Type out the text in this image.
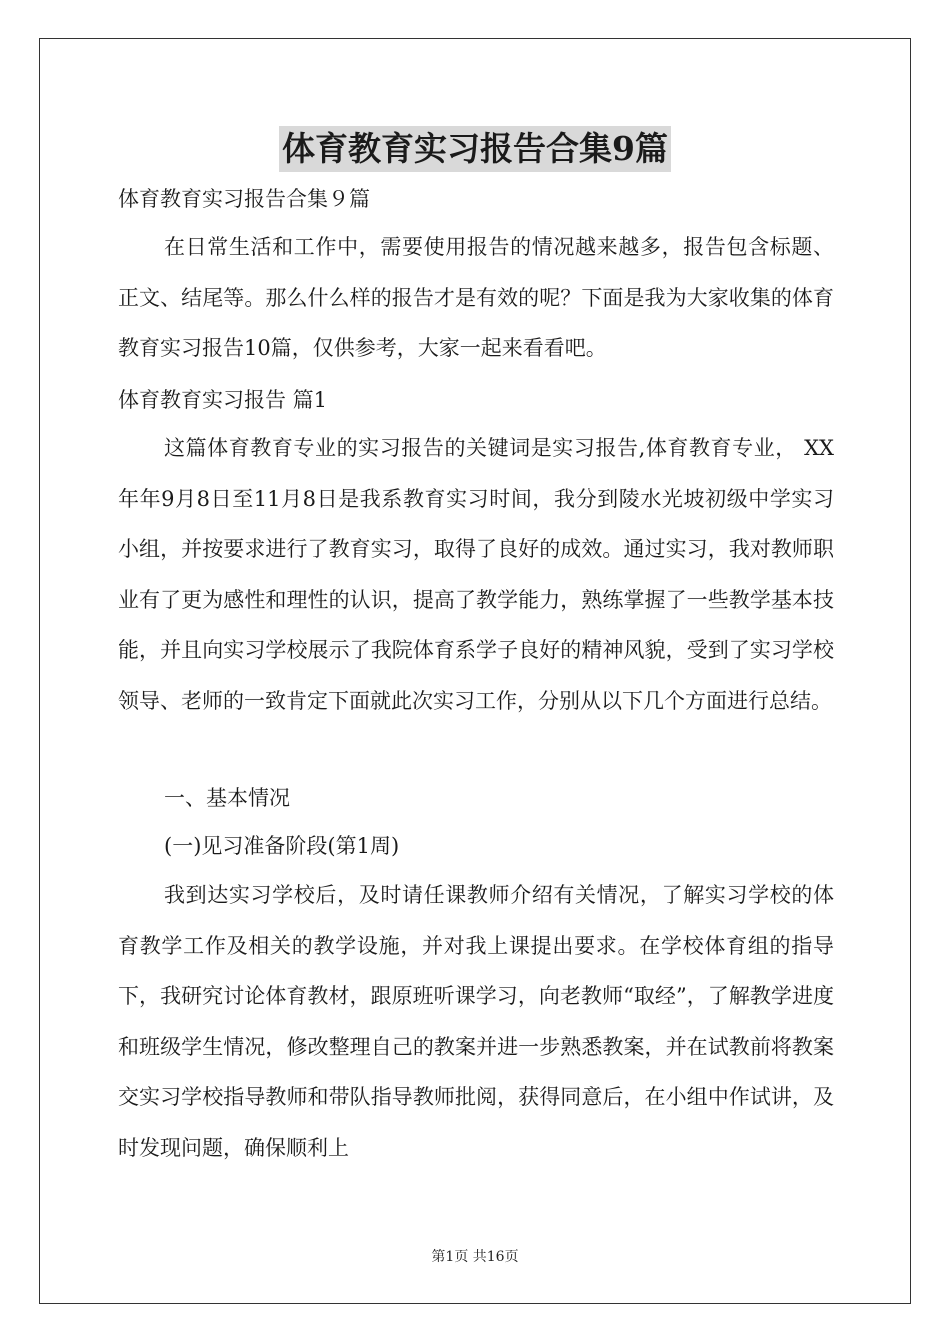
体育教育实习报告合集9篇
体育教育实习报告合集９篇

在日常生活和工作中，需要使用报告的情况越来越多，报告包含标题、正文、结尾等。那么什么样的报告才是有效的呢？下面是我为大家收集的体育教育实习报告10篇，仅供参考，大家一起来看看吧。

体育教育实习报告 篇1

这篇体育教育专业的实习报告的关键词是实习报告,体育教育专业， XX年年9月8日至11月8日是我系教育实习时间，我分到陵水光坡初级中学实习小组，并按要求进行了教育实习，取得了良好的成效。通过实习，我对教师职业有了更为感性和理性的认识，提高了教学能力，熟练掌握了一些教学基本技能，并且向实习学校展示了我院体育系学子良好的精神风貌，受到了实习学校领导、老师的一致肯定下面就此次实习工作，分别从以下几个方面进行总结。

一、基本情况
(一)见习准备阶段(第1周)

我到达实习学校后，及时请任课教师介绍有关情况，了解实习学校的体育教学工作及相关的教学设施，并对我上课提出要求。在学校体育组的指导下，我研究讨论体育教材，跟原班听课学习，向老教师“取经”，了解教学进度和班级学生情况，修改整理自己的教案并进一步熟悉教案，并在试教前将教案交实习学校指导教师和带队指导教师批阅，获得同意后，在小组中作试讲，及时发现问题，确保顺利上

第1页 共16页
